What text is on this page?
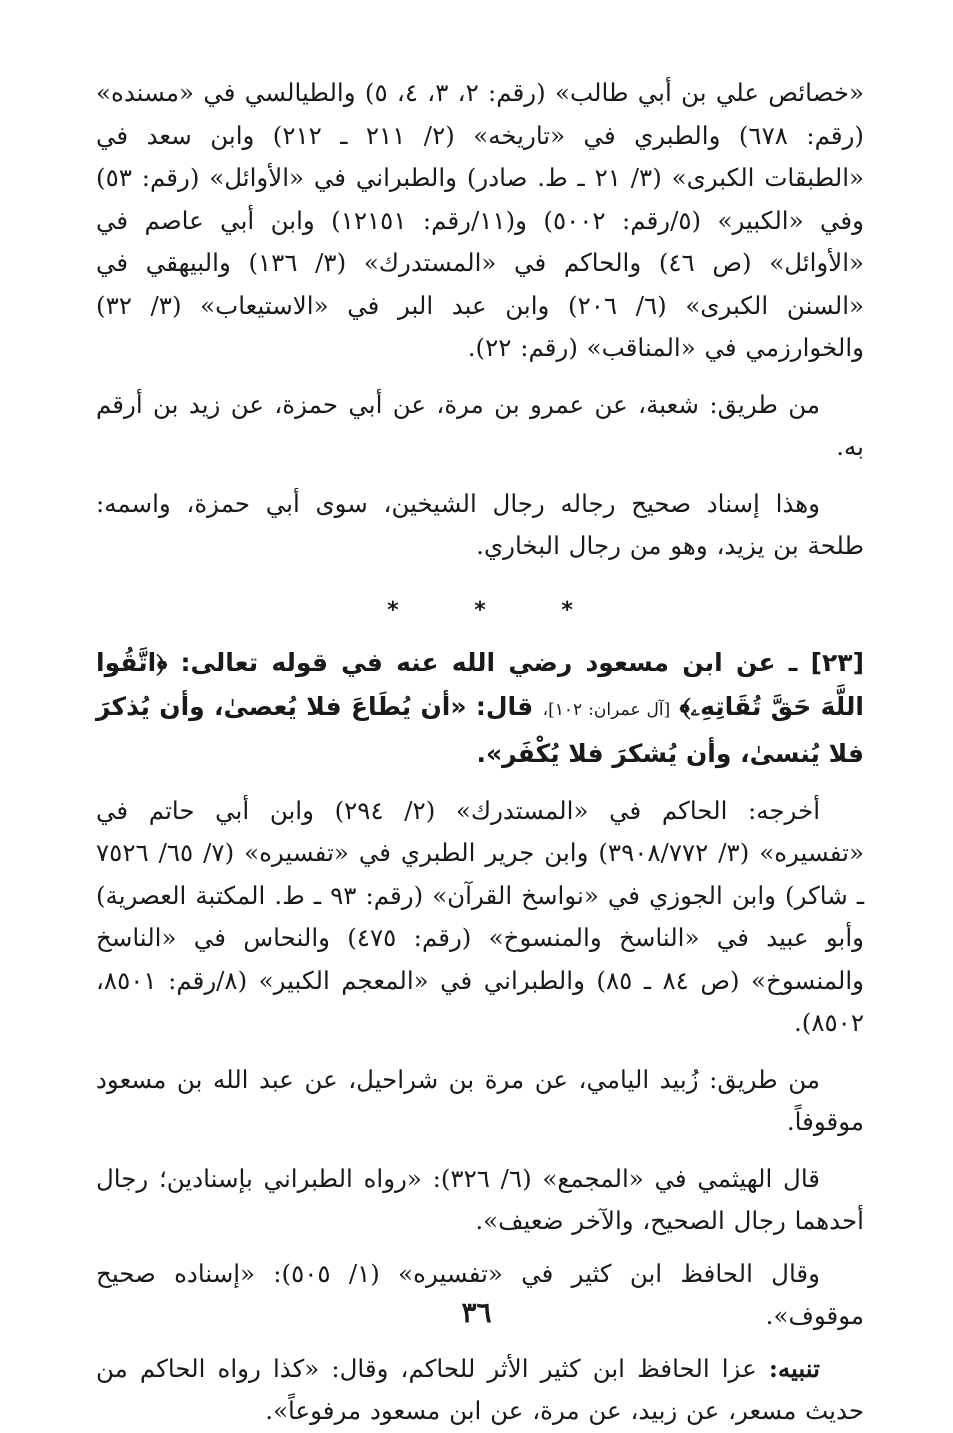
«خصائص علي بن أبي طالب» (رقم: ٢، ٣، ٤، ٥) والطيالسي في «مسنده» (رقم: ٦٧٨) والطبري في «تاريخه» (٢/ ٢١١ ـ ٢١٢) وابن سعد في «الطبقات الكبرى» (٣/ ٢١ ـ ط. صادر) والطبراني في «الأوائل» (رقم: ٥٣) وفي «الكبير» (٥/رقم: ٥٠٠٢) و(١١/رقم: ١٢١٥١) وابن أبي عاصم في «الأوائل» (ص ٤٦) والحاكم في «المستدرك» (٣/ ١٣٦) والبيهقي في «السنن الكبرى» (٦/ ٢٠٦) وابن عبد البر في «الاستيعاب» (٣/ ٣٢) والخوارزمي في «المناقب» (رقم: ٢٢).

من طريق: شعبة، عن عمرو بن مرة، عن أبي حمزة، عن زيد بن أرقم به.

وهذا إسناد صحيح رجاله رجال الشيخين، سوى أبي حمزة، واسمه: طلحة بن يزيد، وهو من رجال البخاري.

* * *

[٢٣] ـ عن ابن مسعود رضي الله عنه في قوله تعالى: ﴿اتَّقُوا اللَّهَ حَقَّ تُقَاتِهِۦ﴾ [آل عمران: ١٠٢]، قال: «أن يُطَاعَ فلا يُعصىٰ، وأن يُذكرَ فلا يُنسىٰ، وأن يُشكرَ فلا يُكْفَر».

أخرجه: الحاكم في «المستدرك» (٢/ ٢٩٤) وابن أبي حاتم في «تفسيره» (٣/ ٣٩٠٨/٧٧٢) وابن جرير الطبري في «تفسيره» (٧/ ٦٥/ ٧٥٢٦ ـ شاكر) وابن الجوزي في «نواسخ القرآن» (رقم: ٩٣ ـ ط. المكتبة العصرية) وأبو عبيد في «الناسخ والمنسوخ» (رقم: ٤٧٥) والنحاس في «الناسخ والمنسوخ» (ص ٨٤ ـ ٨٥) والطبراني في «المعجم الكبير» (٨/رقم: ٨٥٠١، ٨٥٠٢).

من طريق: زُبيد اليامي، عن مرة بن شراحيل، عن عبد الله بن مسعود موقوفاً.

قال الهيثمي في «المجمع» (٦/ ٣٢٦): «رواه الطبراني بإسنادين؛ رجال أحدهما رجال الصحيح، والآخر ضعيف».

وقال الحافظ ابن كثير في «تفسيره» (١/ ٥٠٥): «إسناده صحيح موقوف».

تنبيه: عزا الحافظ ابن كثير الأثر للحاكم، وقال: «كذا رواه الحاكم من حديث مسعر، عن زبيد، عن مرة، عن ابن مسعود مرفوعاً».

٣٦
